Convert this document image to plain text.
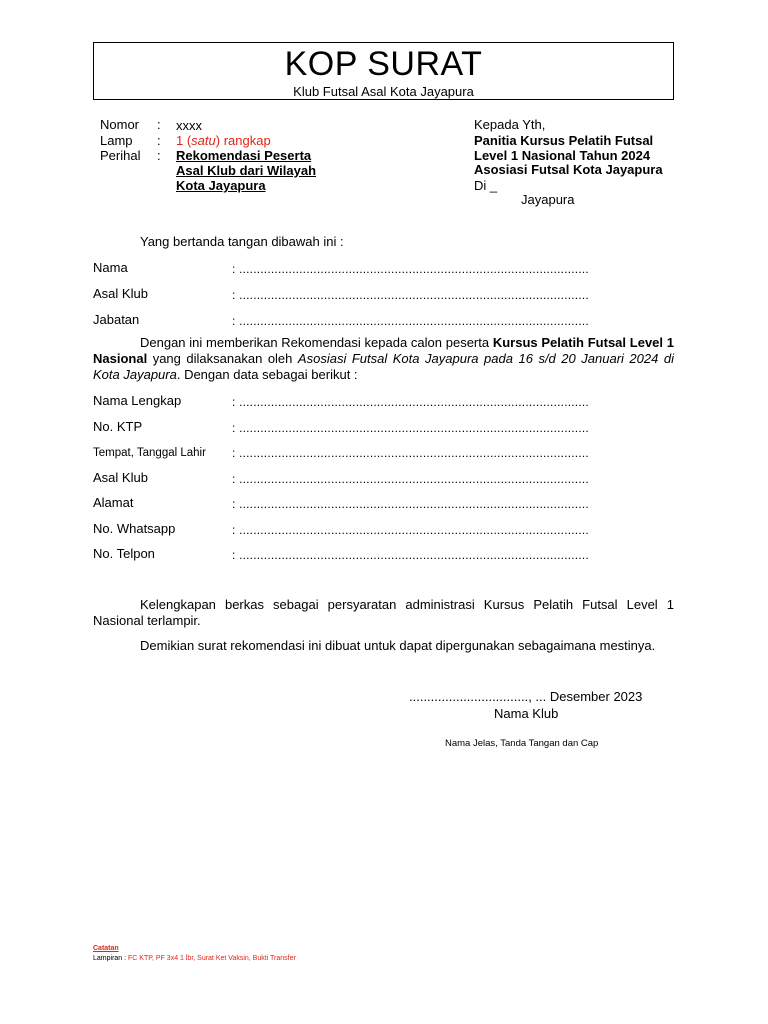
KOP SURAT
Klub Futsal Asal Kota Jayapura
Nomor : xxxx
Lamp : 1 (satu) rangkap
Perihal : Rekomendasi Peserta
Asal Klub dari Wilayah
Kota Jayapura
Kepada Yth,
Panitia Kursus Pelatih Futsal
Level 1 Nasional Tahun 2024
Asosiasi Futsal Kota Jayapura
Di _
Jayapura
Yang bertanda tangan dibawah ini :
Nama	: ...................................................................................................
Asal Klub	: ...................................................................................................
Jabatan	: ...................................................................................................
Dengan ini memberikan Rekomendasi kepada calon peserta Kursus Pelatih Futsal Level 1 Nasional yang dilaksanakan oleh Asosiasi Futsal Kota Jayapura pada 16 s/d 20 Januari 2024 di Kota Jayapura. Dengan data sebagai berikut :
Nama Lengkap	: ...................................................................................................
No. KTP	: ...................................................................................................
Tempat, Tanggal Lahir : ...................................................................................................
Asal Klub	: ...................................................................................................
Alamat	: ...................................................................................................
No. Whatsapp	: ...................................................................................................
No. Telpon	: ...................................................................................................
Kelengkapan berkas sebagai persyaratan administrasi Kursus Pelatih Futsal Level 1 Nasional terlampir.
Demikian surat rekomendasi ini dibuat untuk dapat dipergunakan sebagaimana mestinya.
................................., ... Desember 2023
Nama Klub
Nama Jelas, Tanda Tangan dan Cap
Catatan
Lampiran : FC KTP, PF 3x4 1 lbr, Surat Ket Vaksin, Bukti Transfer
